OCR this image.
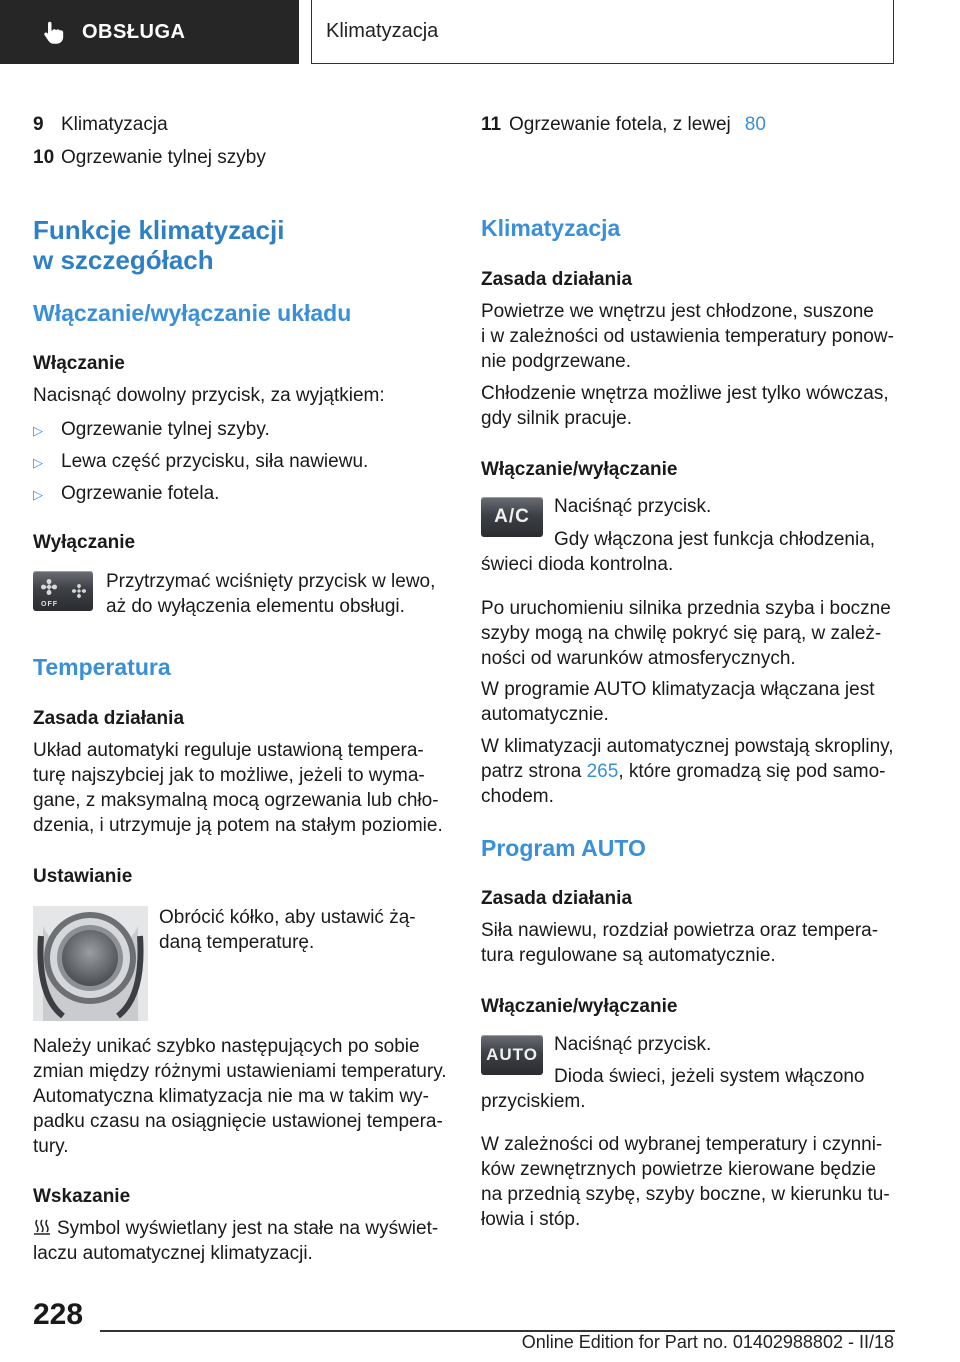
OBSŁUGA	Klimatyzacja
9 Klimatyzacja
10 Ogrzewanie tylnej szyby
11 Ogrzewanie fotela, z lewej 80
Funkcje klimatyzacji
w szczegółach
Włączanie/wyłączanie układu
Włączanie

Nacisnąć dowolny przycisk, za wyjątkiem:

▷ Ogrzewanie tylnej szyby.
▷ Lewa część przycisku, siła nawiewu.
▷ Ogrzewanie fotela.
Wyłączanie
OFF

Przytrzymać wciśnięty przycisk w lewo,
aż do wyłączenia elementu obsługi.

Temperatura
Zasada działania

Układ automatyki reguluje ustawioną tempera‐
turę najszybciej jak to możliwe, jeżeli to wyma‐
gane, z maksymalną mocą ogrzewania lub chło‐
dzenia, i utrzymuje ją potem na stałym poziomie.

Ustawianie

Obrócić kółko, aby ustawić żą‐
daną temperaturę.

Należy unikać szybko następujących po sobie
zmian między różnymi ustawieniami temperatury.
Automatyczna klimatyzacja nie ma w takim wy‐
padku czasu na osiągnięcie ustawionej tempera‐
tury.

Wskazanie

Symbol wyświetlany jest na stałe na wyświet‐
laczu automatycznej klimatyzacji.

Klimatyzacja
Zasada działania

Powietrze we wnętrzu jest chłodzone, suszone
i w zależności od ustawienia temperatury ponow‐
nie podgrzewane.

Chłodzenie wnętrza możliwe jest tylko wówczas,
gdy silnik pracuje.

Włączanie/wyłączanie
A/C	Naciśnąć przycisk.

Gdy włączona jest funkcja chłodzenia,
świeci dioda kontrolna.

Po uruchomieniu silnika przednia szyba i boczne
szyby mogą na chwilę pokryć się parą, w zależ‐
ności od warunków atmosferycznych.

W programie AUTO klimatyzacja włączana jest
automatycznie.

W klimatyzacji automatycznej powstają skropliny,
patrz strona 265, które gromadzą się pod samo‐
chodem.

Program AUTO
Zasada działania

Siła nawiewu, rozdział powietrza oraz tempera‐
tura regulowane są automatycznie.

Włączanie/wyłączanie
AUTO Naciśnąć przycisk.

Dioda świeci, jeżeli system włączono
przyciskiem.

W zależności od wybranej temperatury i czynni‐
ków zewnętrznych powietrze kierowane będzie
na przednią szybę, szyby boczne, w kierunku tu‐
łowia i stóp.

228
Online Edition for Part no. 01402988802 - II/18
